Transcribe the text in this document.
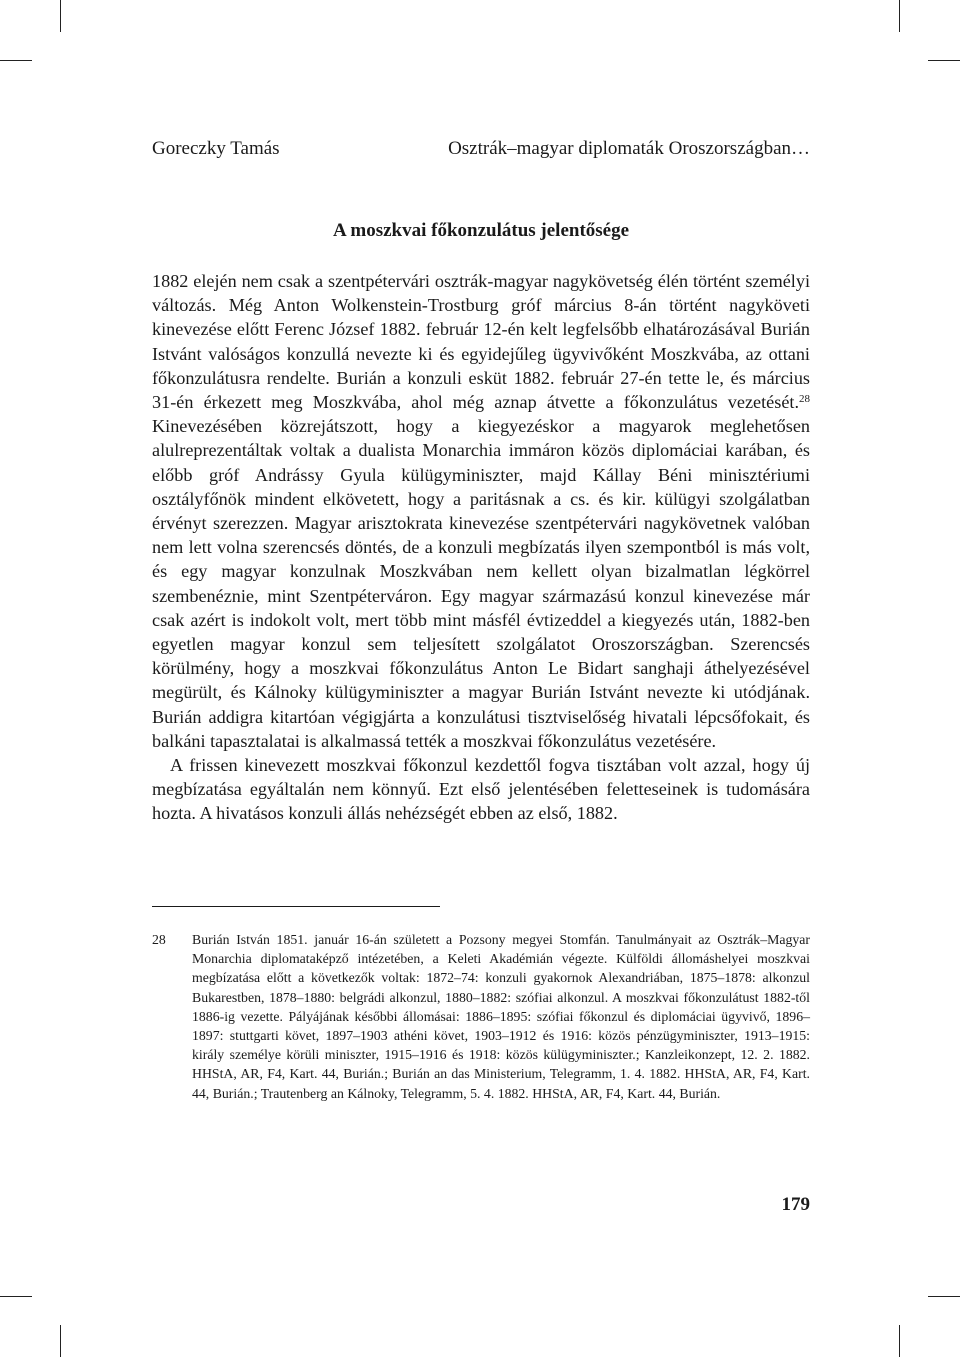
Goreczky Tamás	Osztrák–magyar diplomaták Oroszországban…
A moszkvai főkonzulátus jelentősége

1882 elején nem csak a szentpétervári osztrák-magyar nagykövetség élén történt személyi változás. Még Anton Wolkenstein-Trostburg gróf március 8-án történt nagyköveti kinevezése előtt Ferenc József 1882. február 12-én kelt legfelsőbb elhatározásával Burián Istvánt valóságos konzullá nevezte ki és egyidejűleg ügyvivőként Moszkvába, az ottani főkonzulátusra rendelte. Burián a konzuli esküt 1882. február 27-én tette le, és március 31-én érkezett meg Moszkvába, ahol még aznap átvette a főkonzulátus vezetését.$^{28}$ Kinevezésében közrejátszott, hogy a kiegyezéskor a magyarok meglehetősen alulreprezentáltak voltak a dualista Monarchia immáron közös diplomáciai karában, és előbb gróf Andrássy Gyula külügyminiszter, majd Kállay Béni minisztériumi osztályfőnök mindent elkövetett, hogy a paritásnak a cs. és kir. külügyi szolgálatban érvényt szerezzen. Magyar arisztokrata kinevezése szentpétervári nagykövetnek valóban nem lett volna szerencsés döntés, de a konzuli megbízatás ilyen szempontból is más volt, és egy magyar konzulnak Moszkvában nem kellett olyan bizalmatlan légkörrel szembenéznie, mint Szentpéterváron. Egy magyar származású konzul kinevezése már csak azért is indokolt volt, mert több mint másfél évtizeddel a kiegyezés után, 1882-ben egyetlen magyar konzul sem teljesített szolgálatot Oroszországban. Szerencsés körülmény, hogy a moszkvai főkonzulátus Anton Le Bidart sanghaji áthelyezésével megürült, és Kálnoky külügyminiszter a magyar Burián Istvánt nevezte ki utódjának. Burián addigra kitartóan végigjárta a konzulátusi tisztviselőség hivatali lépcsőfokait, és balkáni tapasztalatai is alkalmassá tették a moszkvai főkonzulátus vezetésére.

A frissen kinevezett moszkvai főkonzul kezdettől fogva tisztában volt azzal, hogy új megbízatása egyáltalán nem könnyű. Ezt első jelentésében feletteseinek is tudomására hozta. A hivatásos konzuli állás nehézségét ebben az első, 1882.

28	Burián István 1851. január 16-án született a Pozsony megyei Stomfán. Tanulmányait az Osztrák–Magyar Monarchia diplomataképző intézetében, a Keleti Akadémián végezte. Külföldi állomáshelyei moszkvai megbízatása előtt a következők voltak: 1872–74: konzuli gyakornok Alexandriában, 1875–1878: alkonzul Bukarestben, 1878–1880: belgrádi alkonzul, 1880–1882: szófiai alkonzul. A moszkvai főkonzulátust 1882-től 1886-ig vezette. Pályájának későbbi állomásai: 1886–1895: szófiai főkonzul és diplomáciai ügyvivő, 1896–1897: stuttgarti követ, 1897–1903 athéni követ, 1903–1912 és 1916: közös pénzügyminiszter, 1913–1915: király személye körüli miniszter, 1915–1916 és 1918: közös külügyminiszter.; Kanzleikonzept, 12. 2. 1882. HHStA, AR, F4, Kart. 44, Burián.; Burián an das Ministerium, Telegramm, 1. 4. 1882. HHStA, AR, F4, Kart. 44, Burián.; Trautenberg an Kálnoky, Telegramm, 5. 4. 1882. HHStA, AR, F4, Kart. 44, Burián.
179
